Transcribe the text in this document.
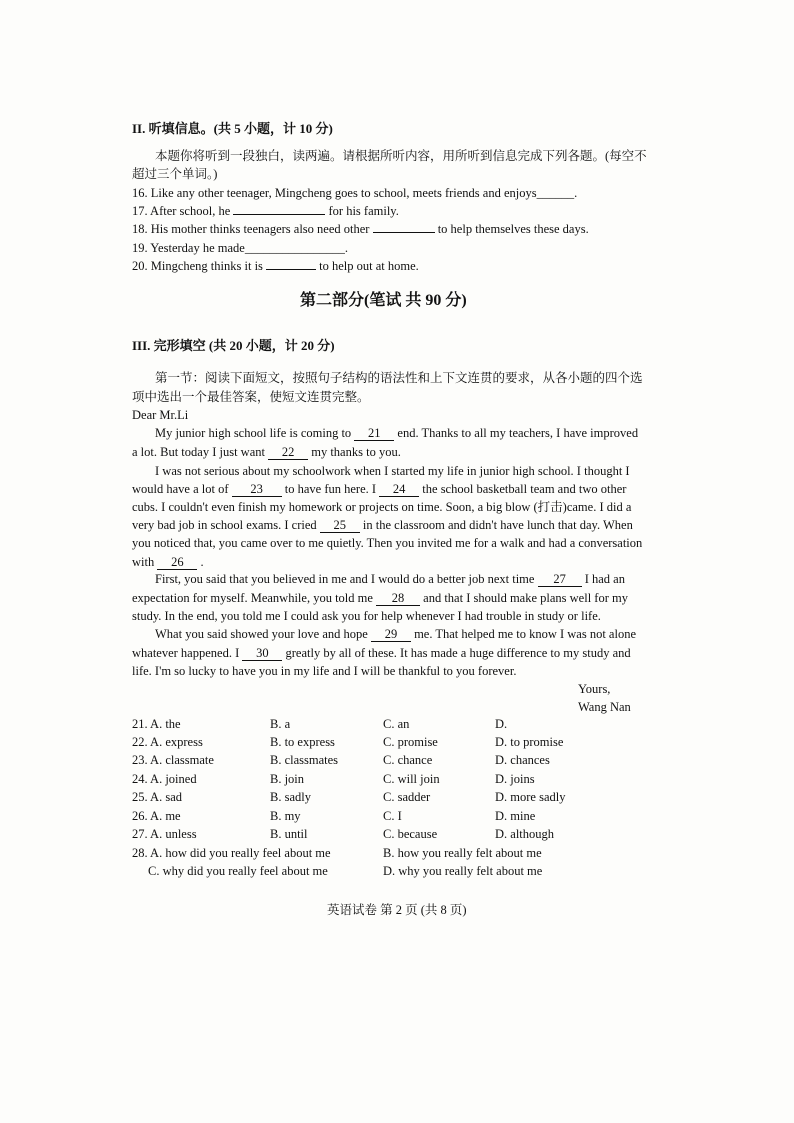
II. 听填信息。(共 5 小题，计 10 分)
本题你将听到一段独白，读两遍。请根据所听内容，用所听到信息完成下列各题。(每空不
超过三个单词。)
16. Like any other teenager, Mingcheng goes to school, meets friends and enjoys______.
17. After school, he	for his family.
18. His mother thinks teenagers also need other	to help themselves these days.
19. Yesterday he made________________.
20. Mingcheng thinks it is	to help out at home.
第二部分(笔试 共 90 分)
III. 完形填空 (共 20 小题，计 20 分)
第一节：阅读下面短文，按照句子结构的语法性和上下文连贯的要求，从各小题的四个选
项中选出一个最佳答案，使短文连贯完整。
Dear Mr.Li
My junior high school life is coming to 21 end. Thanks to all my teachers, I have improved
a lot. But today I just want 22 my thanks to you.
I was not serious about my schoolwork when I started my life in junior high school. I thought I
would have a lot of 23 to have fun here. I 24 the school basketball team and two other
cubs. I couldn't even finish my homework or projects on time. Soon, a big blow (打击)came. I did a
very bad job in school exams. I cried 25 in the classroom and didn't have lunch that day. When
you noticed that, you came over to me quietly. Then you invited me for a walk and had a conversation
with 26 .
First, you said that you believed in me and I would do a better job next time 27 I had an
expectation for myself. Meanwhile, you told me 28 and that I should make plans well for my
study. In the end, you told me I could ask you for help whenever I had trouble in study or life.
What you said showed your love and hope 29 me. That helped me to know I was not alone
whatever happened. I 30 greatly by all of these. It has made a huge difference to my study and
life. I'm so lucky to have you in my life and I will be thankful to you forever.
Yours,
Wang Nan
21. A. the	B. a	C. an	D.
22. A. express	B. to express	C. promise	D. to promise
23. A. classmate	B. classmates	C. chance	D. chances
24. A. joined	B. join	C. will join	D. joins
25. A. sad	B. sadly	C. sadder	D. more sadly
26. A. me	B. my	C. I	D. mine
27. A. unless	B. until	C. because	D. although
28. A. how did you really feel about me	B. how you really felt about me
C. why did you really feel about me	D. why you really felt about me
英语试卷 第 2 页 (共 8 页)
